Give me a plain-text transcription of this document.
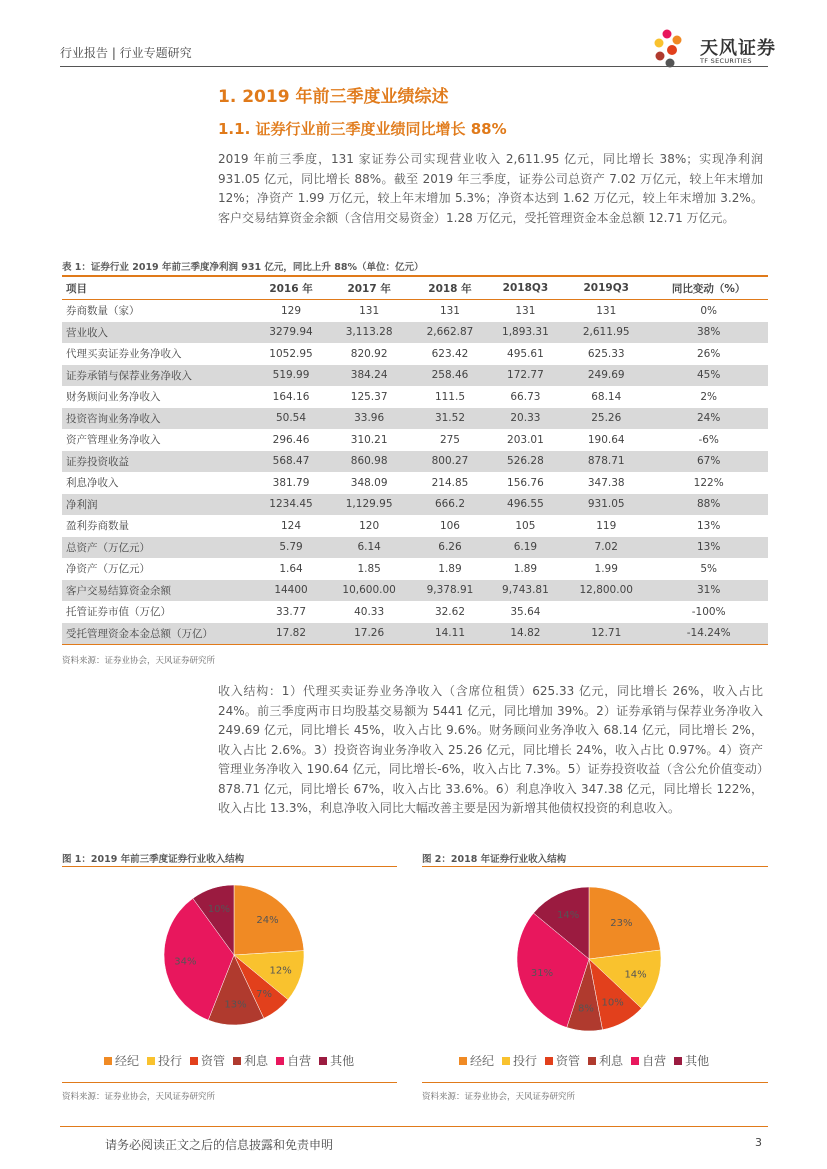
行业报告 | 行业专题研究	天风证券
TF SECURITIES
1. 2019 年前三季度业绩综述
1.1. 证券行业前三季度业绩同比增长 88%

2019 年前三季度，131 家证券公司实现营业收入 2,611.95 亿元，同比增长 38%；实现净利润 931.05 亿元，同比增长 88%。截至 2019 年三季度，证券公司总资产 7.02 万亿元，较上年末增加 12%；净资产 1.99 万亿元，较上年末增加 5.3%；净资本达到 1.62 万亿元，较上年末增加 3.2%。客户交易结算资金余额（含信用交易资金）1.28 万亿元，受托管理资金本金总额 12.71 万亿元。

表 1：证券行业 2019 年前三季度净利润 931 亿元，同比上升 88%（单位：亿元）
项目	2016 年	2017 年	2018 年	2018Q3	2019Q3	同比变动（%）
券商数量（家）	129	131	131	131	131	0%
营业收入	3279.94	3,113.28	2,662.87	1,893.31	2,611.95	38%
代理买卖证券业务净收入	1052.95	820.92	623.42	495.61	625.33	26%
证券承销与保荐业务净收入	519.99	384.24	258.46	172.77	249.69	45%
财务顾问业务净收入	164.16	125.37	111.5	66.73	68.14	2%
投资咨询业务净收入	50.54	33.96	31.52	20.33	25.26	24%
资产管理业务净收入	296.46	310.21	275	203.01	190.64	-6%
证券投资收益	568.47	860.98	800.27	526.28	878.71	67%
利息净收入	381.79	348.09	214.85	156.76	347.38	122%
净利润	1234.45	1,129.95	666.2	496.55	931.05	88%
盈利券商数量	124	120	106	105	119	13%
总资产（万亿元）	5.79	6.14	6.26	6.19	7.02	13%
净资产（万亿元）	1.64	1.85	1.89	1.89	1.99	5%
客户交易结算资金余额	14400	10,600.00	9,378.91	9,743.81	12,800.00	31%
托管证券市值（万亿）	33.77	40.33	32.62	35.64		-100%
受托管理资金本金总额（万亿）	17.82	17.26	14.11	14.82	12.71	-14.24%
资料来源：证券业协会，天风证券研究所

收入结构：1）代理买卖证券业务净收入（含席位租赁）625.33 亿元，同比增长 26%，收入占比 24%。前三季度两市日均股基交易额为 5441 亿元，同比增加 39%。2）证券承销与保荐业务净收入 249.69 亿元，同比增长 45%，收入占比 9.6%。财务顾问业务净收入 68.14 亿元，同比增长 2%，收入占比 2.6%。3）投资咨询业务净收入 25.26 亿元，同比增长 24%，收入占比 0.97%。4）资产管理业务净收入 190.64 亿元，同比增长-6%，收入占比 7.3%。5）证券投资收益（含公允价值变动）878.71 亿元，同比增长 67%，收入占比 33.6%。6）利息净收入 347.38 亿元，同比增长 122%，收入占比 13.3%，利息净收入同比大幅改善主要是因为新增其他债权投资的利息收入。

图 1：2019 年前三季度证券行业收入结构
24%
12%
7%
13%
34%
10%
经纪 投行 资管 利息 自营 其他
资料来源：证券业协会，天风证券研究所
图 2：2018 年证券行业收入结构
23%
14%
10%
8%
31%
14%
经纪 投行 资管 利息 自营 其他
资料来源：证券业协会，天风证券研究所
请务必阅读正文之后的信息披露和免责申明	3
